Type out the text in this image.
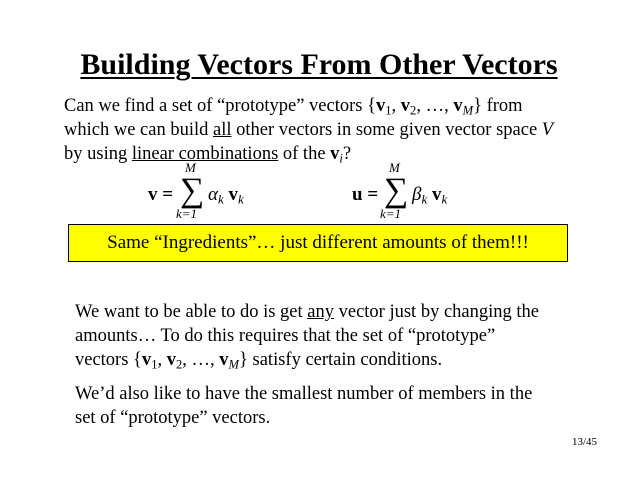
Building Vectors From Other Vectors
Can we find a set of “prototype” vectors {$v_1$, $v_2$, …, $v_M$} from
which we can build all other vectors in some given vector space V
by using linear combinations of the $v_i$?
v =
M
∑
k=1
$\alpha_k$ $v_k$	u =
M
∑
k=1
$\beta_k$ $v_k$
Same “Ingredients”… just different amounts of them!!!
We want to be able to do is get any vector just by changing the
amounts… To do this requires that the set of “prototype”
vectors {$v_1$, $v_2$, …, $v_M$} satisfy certain conditions.
We’d also like to have the smallest number of members in the
set of “prototype” vectors.
13/45
